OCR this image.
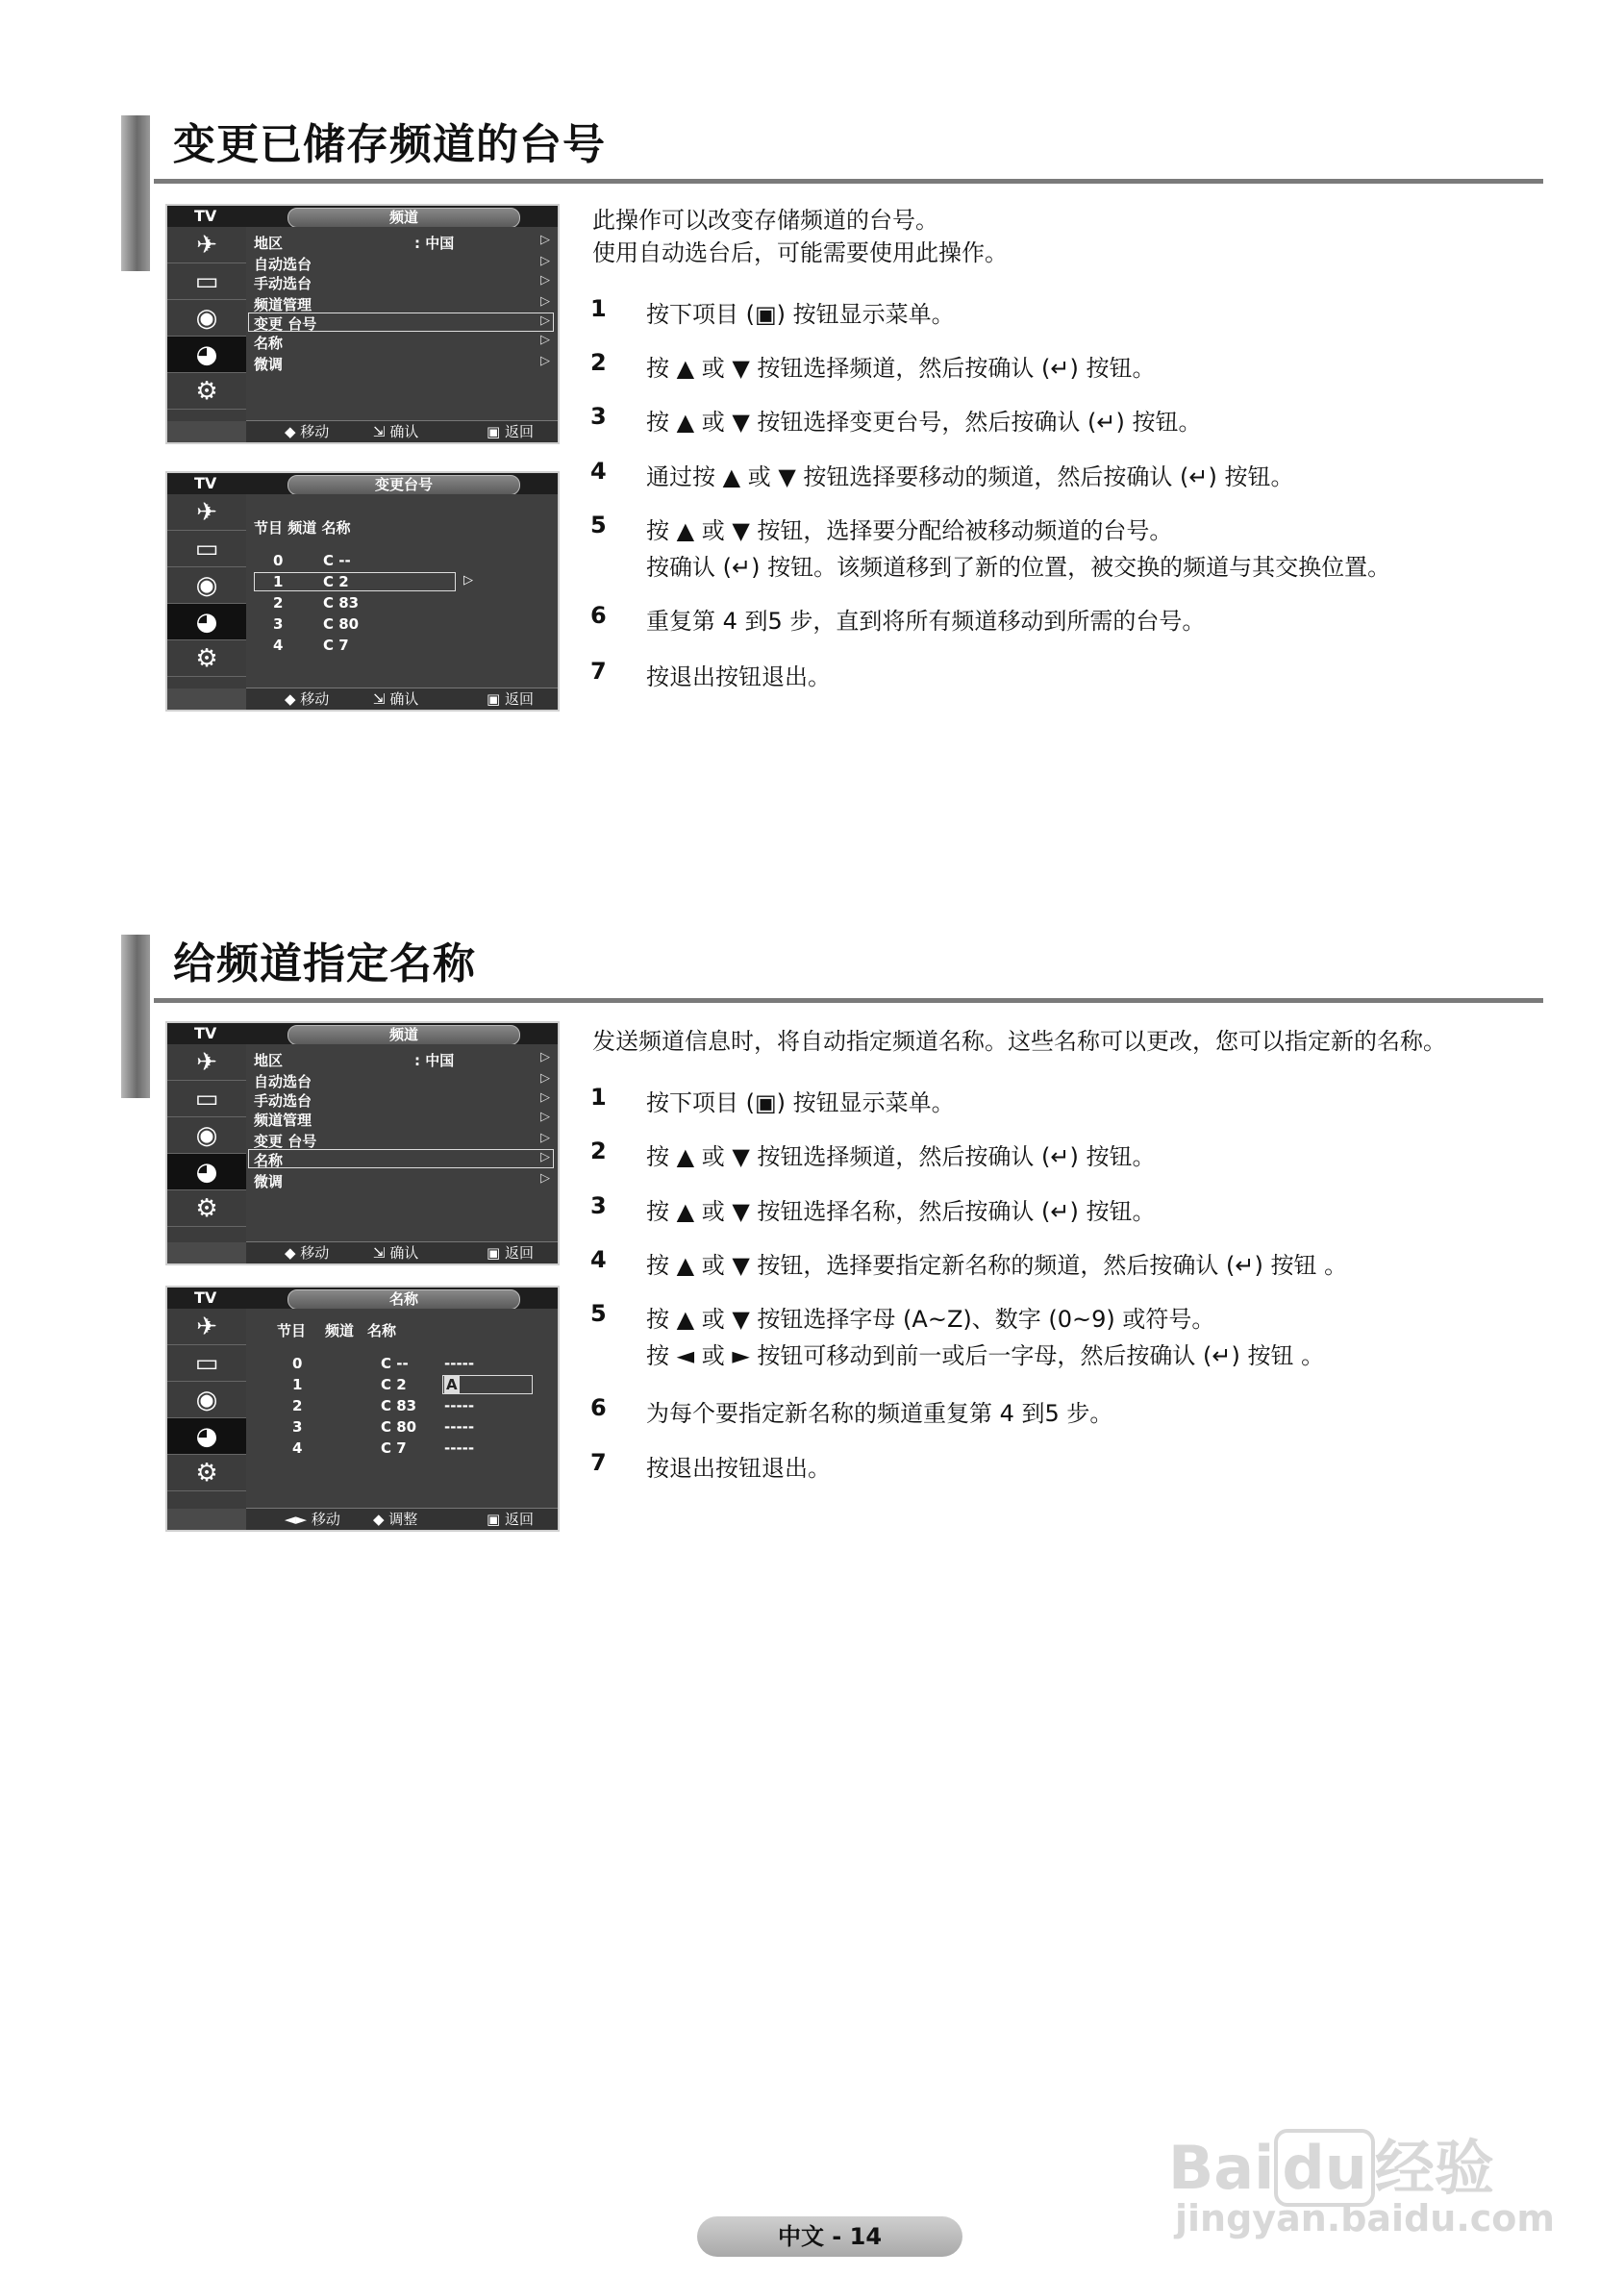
变更已储存频道的台号
TV	频道
✈
▭
◉
◕
⚙
地区	: 中国
自动选台
手动选台
频道管理
变更 台号
名称
微调
▷
▷
▷
▷
▷
▷
▷
◆ 移动	⇲ 确认	▣ 返回
TV	变更台号
✈
▭
◉
◕
⚙
节目 频道 名称
0	C --
1	C 2	▷
2	C 83
3	C 80
4	C 7
◆ 移动	⇲ 确认	▣ 返回
此操作可以改变存储频道的台号。
使用自动选台后，可能需要使用此操作。
1 按下项目 (▣) 按钮显示菜单。
2 按 ▲ 或 ▼ 按钮选择频道，然后按确认 (↵) 按钮。
3 按 ▲ 或 ▼ 按钮选择变更台号，然后按确认 (↵) 按钮。
4 通过按 ▲ 或 ▼ 按钮选择要移动的频道，然后按确认 (↵) 按钮。
5 按 ▲ 或 ▼ 按钮，选择要分配给被移动频道的台号。
按确认 (↵) 按钮。该频道移到了新的位置，被交换的频道与其交换位置。
6 重复第 4 到5 步，直到将所有频道移动到所需的台号。
7 按退出按钮退出。
给频道指定名称
TV	频道
✈
▭
◉
◕
⚙
地区	: 中国
自动选台
手动选台
频道管理
变更 台号
名称
微调
▷
▷
▷
▷
▷
▷
▷
◆ 移动	⇲ 确认	▣ 返回
TV	名称
✈
▭
◉
◕
⚙
节目 频道 名称
0	C -- -----
1	C 2	A
2	C 83 -----
3	C 80 -----
4	C 7	-----
◄► 移动 ◆ 调整	▣ 返回
发送频道信息时，将自动指定频道名称。这些名称可以更改，您可以指定新的名称。
1 按下项目 (▣) 按钮显示菜单。
2 按 ▲ 或 ▼ 按钮选择频道，然后按确认 (↵) 按钮。
3 按 ▲ 或 ▼ 按钮选择名称，然后按确认 (↵) 按钮。
4 按 ▲ 或 ▼ 按钮，选择要指定新名称的频道，然后按确认 (↵) 按钮 。
5 按 ▲ 或 ▼ 按钮选择字母 (A~Z)、数字 (0~9) 或符号。
按 ◄ 或 ► 按钮可移动到前一或后一字母，然后按确认 (↵) 按钮 。
6 为每个要指定新名称的频道重复第 4 到5 步。
7 按退出按钮退出。
中文 - 14
Bai du 经验
jingyan.baidu.com
